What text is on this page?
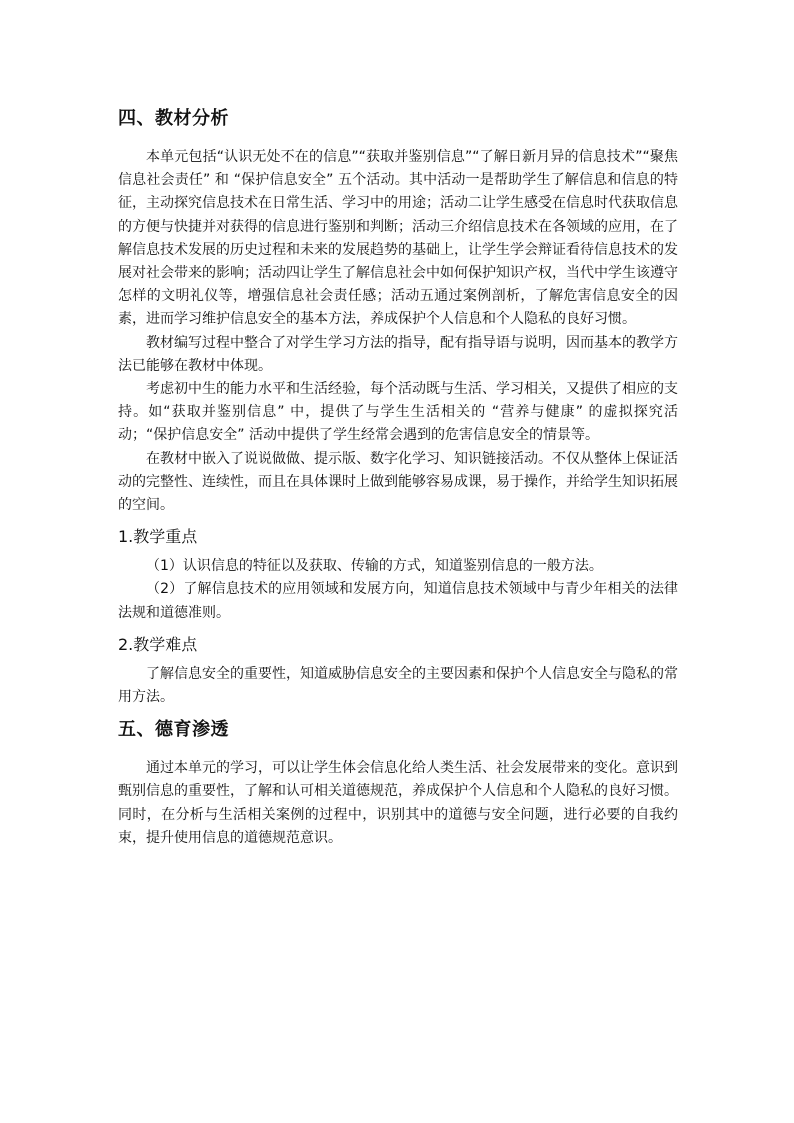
四、教材分析

本单元包括“认识无处不在的信息”“获取并鉴别信息”“了解日新月异的信息技术”“聚焦信息社会责任” 和 “保护信息安全” 五个活动。其中活动一是帮助学生了解信息和信息的特征，主动探究信息技术在日常生活、学习中的用途；活动二让学生感受在信息时代获取信息的方便与快捷并对获得的信息进行鉴别和判断；活动三介绍信息技术在各领域的应用，在了解信息技术发展的历史过程和未来的发展趋势的基础上，让学生学会辩证看待信息技术的发展对社会带来的影响；活动四让学生了解信息社会中如何保护知识产权，当代中学生该遵守怎样的文明礼仪等，增强信息社会责任感；活动五通过案例剖析，了解危害信息安全的因素，进而学习维护信息安全的基本方法，养成保护个人信息和个人隐私的良好习惯。

教材编写过程中整合了对学生学习方法的指导，配有指导语与说明，因而基本的教学方法已能够在教材中体现。

考虑初中生的能力水平和生活经验，每个活动既与生活、学习相关，又提供了相应的支持。如“获取并鉴别信息” 中，提供了与学生生活相关的 “营养与健康” 的虚拟探究活动；“保护信息安全” 活动中提供了学生经常会遇到的危害信息安全的情景等。

在教材中嵌入了说说做做、提示版、数字化学习、知识链接活动。不仅从整体上保证活动的完整性、连续性，而且在具体课时上做到能够容易成课，易于操作，并给学生知识拓展的空间。

1.教学重点

（1）认识信息的特征以及获取、传输的方式，知道鉴别信息的一般方法。

（2）了解信息技术的应用领域和发展方向，知道信息技术领域中与青少年相关的法律法规和道德准则。

2.教学难点

了解信息安全的重要性，知道威胁信息安全的主要因素和保护个人信息安全与隐私的常用方法。

五、德育渗透

通过本单元的学习，可以让学生体会信息化给人类生活、社会发展带来的变化。意识到甄别信息的重要性，了解和认可相关道德规范，养成保护个人信息和个人隐私的良好习惯。同时，在分析与生活相关案例的过程中，识别其中的道德与安全问题，进行必要的自我约束，提升使用信息的道德规范意识。
